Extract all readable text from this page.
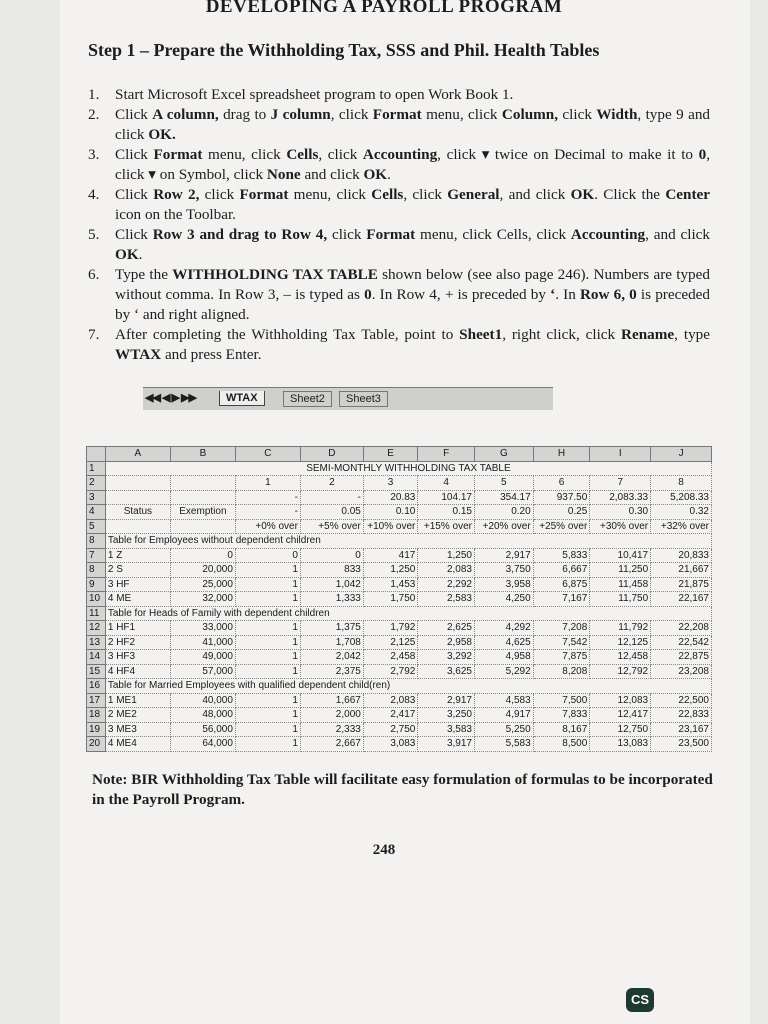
DEVELOPING A PAYROLL PROGRAM
Step 1 – Prepare the Withholding Tax, SSS and Phil. Health Tables
1. Start Microsoft Excel spreadsheet program to open Work Book 1.
2. Click A column, drag to J column, click Format menu, click Column, click Width, type 9 and click OK.
3. Click Format menu, click Cells, click Accounting, click ▾ twice on Decimal to make it to 0, click ▾ on Symbol, click None and click OK.
4. Click Row 2, click Format menu, click Cells, click General, and click OK. Click the Center icon on the Toolbar.
5. Click Row 3 and drag to Row 4, click Format menu, click Cells, click Accounting, and click OK.
6. Type the WITHHOLDING TAX TABLE shown below (see also page 246). Numbers are typed without comma. In Row 3, – is typed as 0. In Row 4, + is preceded by ‘. In Row 6, 0 is preceded by ‘ and right aligned.
7. After completing the Withholding Tax Table, point to Sheet1, right click, click Rename, type WTAX and press Enter.
◀◀ ◀ ▶ ▶▶	WTAX	Sheet2	Sheet3
	A	B	C	D	E	F	G	H	I	J
1	SEMI-MONTHLY WITHHOLDING TAX TABLE									
2			1	2	3	4	5	6	7	8
3			-	-	20.83	104.17	354.17	937.50	2,083.33	5,208.33
4	Status	Exemption	-	0.05	0.10	0.15	0.20	0.25	0.30	0.32
5			+0% over	+5% over	+10% over	+15% over	+20% over	+25% over	+30% over	+32% over
8	Table for Employees without dependent children									
7	1 Z	0	0	0	417	1,250	2,917	5,833	10,417	20,833
8	2 S	20,000	1	833	1,250	2,083	3,750	6,667	11,250	21,667
9	3 HF	25,000	1	1,042	1,453	2,292	3,958	6,875	11,458	21,875
10	4 ME	32,000	1	1,333	1,750	2,583	4,250	7,167	11,750	22,167
11	Table for Heads of Family with dependent children									
12	1 HF1	33,000	1	1,375	1,792	2,625	4,292	7,208	11,792	22,208
13	2 HF2	41,000	1	1,708	2,125	2,958	4,625	7,542	12,125	22,542
14	3 HF3	49,000	1	2,042	2,458	3,292	4,958	7,875	12,458	22,875
15	4 HF4	57,000	1	2,375	2,792	3,625	5,292	8,208	12,792	23,208
16	Table for Married Employees with qualified dependent child(ren)									
17	1 ME1	40,000	1	1,667	2,083	2,917	4,583	7,500	12,083	22,500
18	2 ME2	48,000	1	2,000	2,417	3,250	4,917	7,833	12,417	22,833
19	3 ME3	56,000	1	2,333	2,750	3,583	5,250	8,167	12,750	23,167
20	4 ME4	64,000	1	2,667	3,083	3,917	5,583	8,500	13,083	23,500
Note: BIR Withholding Tax Table will facilitate easy formulation of formulas to be incorporated in the Payroll Program.
248
CS
